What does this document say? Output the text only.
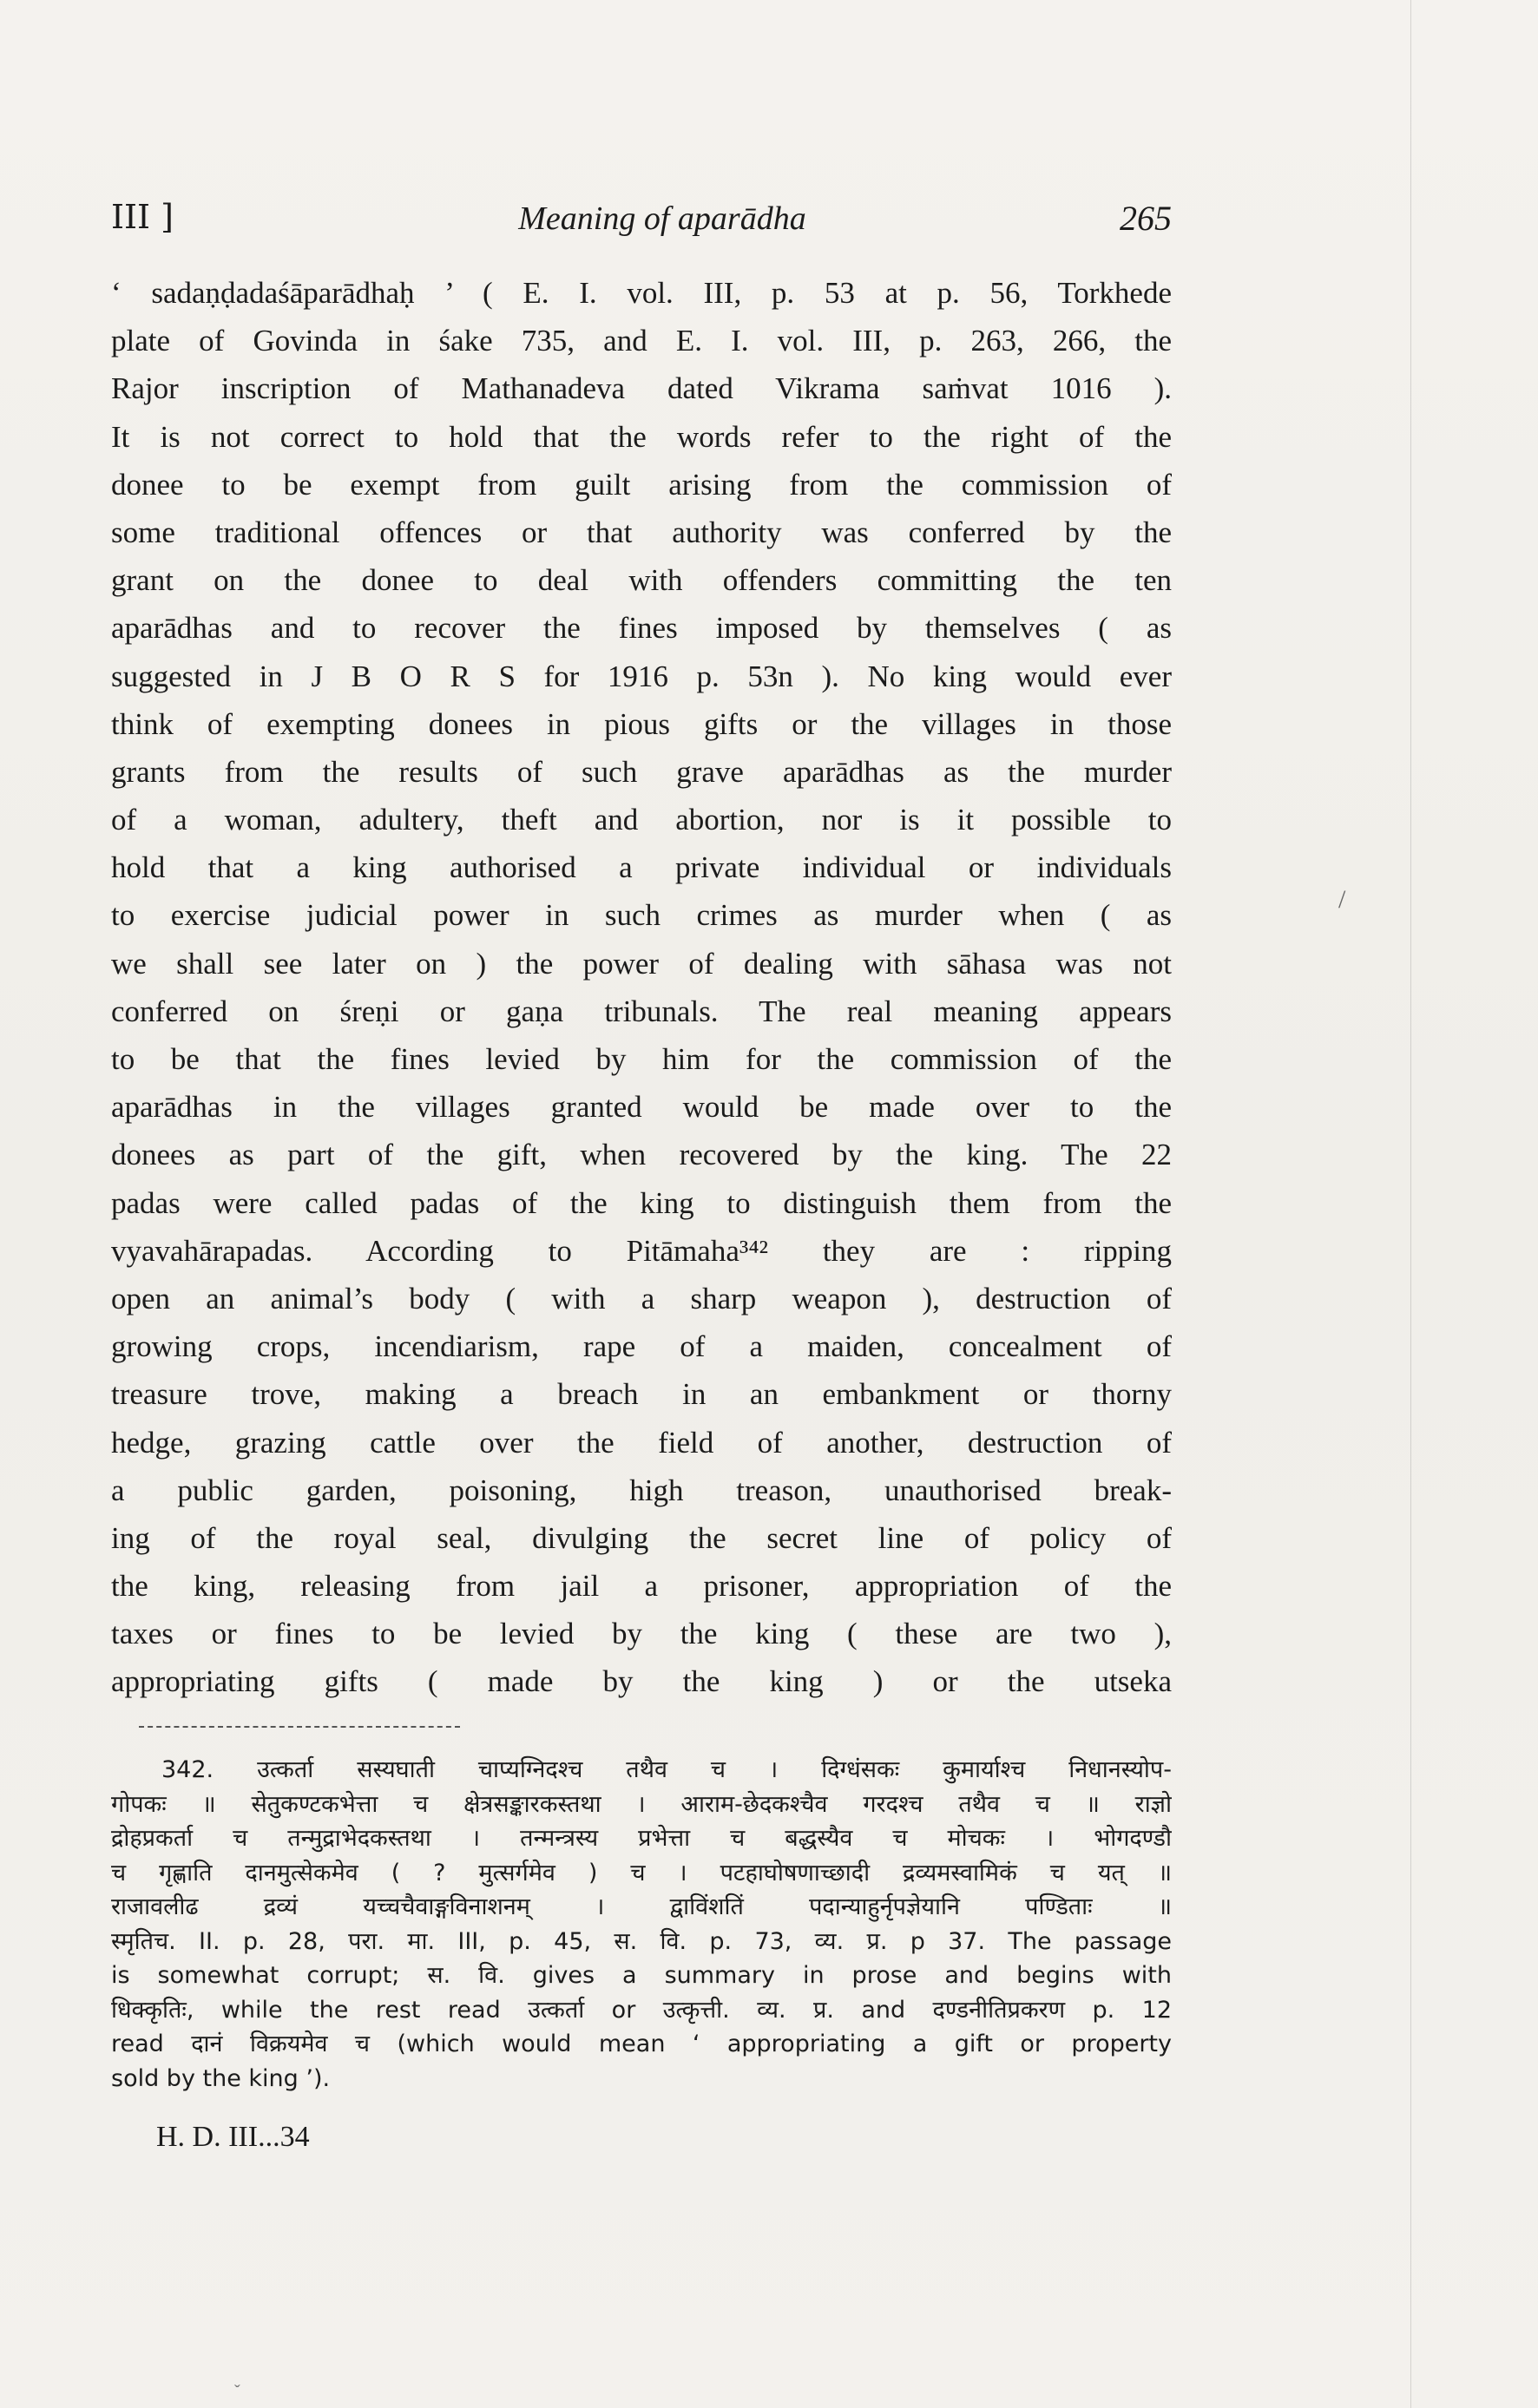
III ]	Meaning of aparādha	265
‘ sadaṇḍadaśāparādhaḥ ’ ( E. I. vol. III, p. 53 at p. 56, Torkhede
plate of Govinda in śake 735, and E. I. vol. III, p. 263, 266, the
Rajor inscription of Mathanadeva dated Vikrama saṁvat 1016 ).
It is not correct to hold that the words refer to the right of the
donee to be exempt from guilt arising from the commission of
some traditional offences or that authority was conferred by the
grant on the donee to deal with offenders committing the ten
aparādhas and to recover the fines imposed by themselves ( as
suggested in J B O R S for 1916 p. 53n ). No king would ever
think of exempting donees in pious gifts or the villages in those
grants from the results of such grave aparādhas as the murder
of a woman, adultery, theft and abortion, nor is it possible to
hold that a king authorised a private individual or individuals
to exercise judicial power in such crimes as murder when ( as
we shall see later on ) the power of dealing with sāhasa was not
conferred on śreṇi or gaṇa tribunals. The real meaning appears
to be that the fines levied by him for the commission of the
aparādhas in the villages granted would be made over to the
donees as part of the gift, when recovered by the king. The 22
padas were called padas of the king to distinguish them from the
vyavahārapadas. According to Pitāmaha³⁴² they are : ripping
open an animal’s body ( with a sharp weapon ), destruction of
growing crops, incendiarism, rape of a maiden, concealment of
treasure trove, making a breach in an embankment or thorny
hedge, grazing cattle over the field of another, destruction of
a public garden, poisoning, high treason, unauthorised break-
ing of the royal seal, divulging the secret line of policy of
the king, releasing from jail a prisoner, appropriation of the
taxes or fines to be levied by the king ( these are two ),
appropriating gifts ( made by the king ) or the utseka
/
342. उत्कर्ता सस्यघाती चाप्यग्निदश्च तथैव च । दिग्धंसकः कुमार्याश्च निधानस्योप-
गोपकः ॥ सेतुकण्टकभेत्ता च क्षेत्रसङ्कारकस्तथा । आराम-छेदकश्चैव गरदश्च तथैव च ॥ राज्ञो
द्रोहप्रकर्ता च तन्मुद्राभेदकस्तथा । तन्मन्त्रस्य प्रभेत्ता च बद्धस्यैव च मोचकः । भोगदण्डौ
च गृह्णाति दानमुत्सेकमेव ( ? मुत्सर्गमेव ) च । पटहाघोषणाच्छादी द्रव्यमस्वामिकं च यत् ॥
राजावलीढ द्रव्यं यच्चचैवाङ्गविनाशनम् । द्वाविंशतिं पदान्याहुर्नृपज्ञेयानि पण्डिताः ॥
स्मृतिच. II. p. 28, परा. मा. III, p. 45, स. वि. p. 73, व्य. प्र. p 37. The passage
is somewhat corrupt; स. वि. gives a summary in prose and begins with
धिक्कृतिः, while the rest read उत्कर्ता or उत्कृत्ती. व्य. प्र. and दण्डनीतिप्रकरण p. 12
read दानं विक्रयमेव च (which would mean ‘ appropriating a gift or property
sold by the king ’).
H. D. III...34
ˇ
